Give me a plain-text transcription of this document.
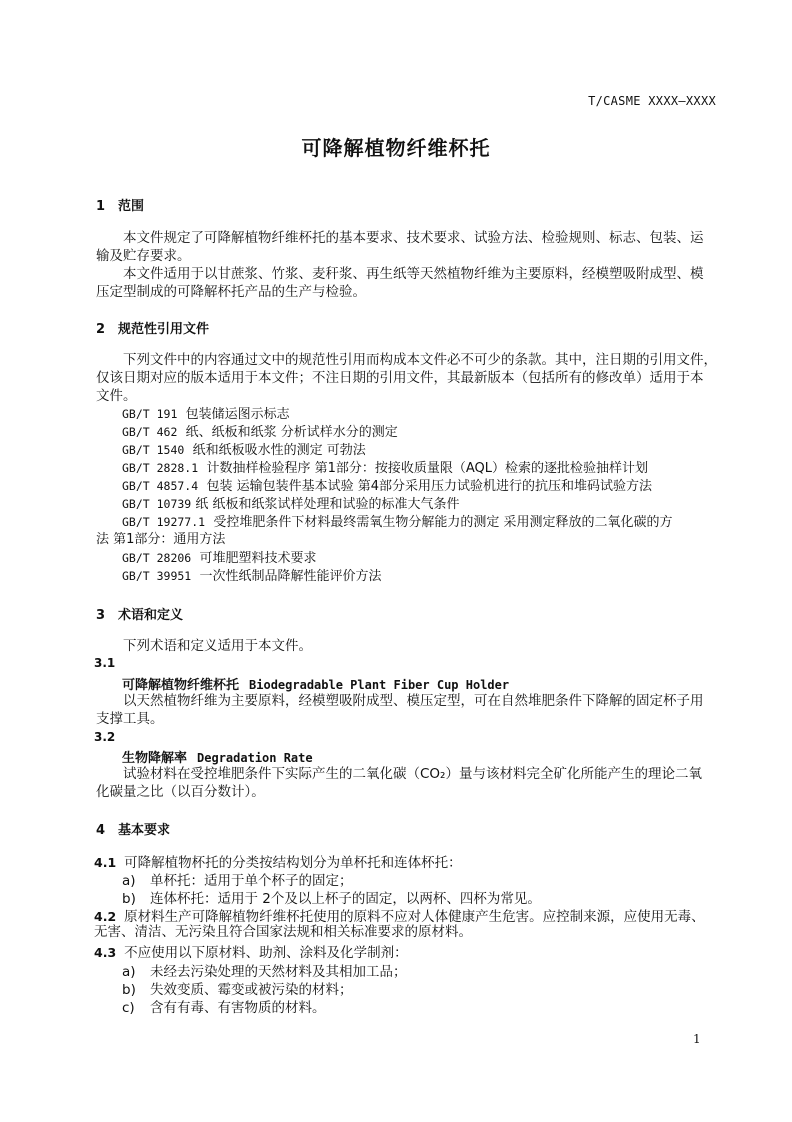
T/CASME XXXX—XXXX
可降解植物纤维杯托
1 范围
本文件规定了可降解植物纤维杯托的基本要求、技术要求、试验方法、检验规则、标志、包装、运
输及贮存要求。
本文件适用于以甘蔗浆、竹浆、麦秆浆、再生纸等天然植物纤维为主要原料，经模塑吸附成型、模
压定型制成的可降解杯托产品的生产与检验。
2 规范性引用文件
下列文件中的内容通过文中的规范性引用而构成本文件必不可少的条款。其中，注日期的引用文件，
仅该日期对应的版本适用于本文件；不注日期的引用文件，其最新版本（包括所有的修改单）适用于本
文件。
GB/T 191 包装储运图示标志
GB/T 462 纸、纸板和纸浆 分析试样水分的测定
GB/T 1540 纸和纸板吸水性的测定 可勃法
GB/T 2828.1 计数抽样检验程序 第1部分：按接收质量限（AQL）检索的逐批检验抽样计划
GB/T 4857.4 包装 运输包装件基本试验 第4部分采用压力试验机进行的抗压和堆码试验方法
GB/T 10739 纸 纸板和纸浆试样处理和试验的标准大气条件
GB/T 19277.1 受控堆肥条件下材料最终需氧生物分解能力的测定 采用测定释放的二氧化碳的方
法 第1部分：通用方法
GB/T 28206 可堆肥塑料技术要求
GB/T 39951 一次性纸制品降解性能评价方法
3 术语和定义
下列术语和定义适用于本文件。
3.1
可降解植物纤维杯托 Biodegradable Plant Fiber Cup Holder
以天然植物纤维为主要原料，经模塑吸附成型、模压定型，可在自然堆肥条件下降解的固定杯子用
支撑工具。
3.2
生物降解率 Degradation Rate
试验材料在受控堆肥条件下实际产生的二氧化碳（CO₂）量与该材料完全矿化所能产生的理论二氧
化碳量之比（以百分数计）。
4 基本要求
4.1 可降解植物杯托的分类按结构划分为单杯托和连体杯托：
a) 单杯托：适用于单个杯子的固定；
b) 连体杯托：适用于 2个及以上杯子的固定，以两杯、四杯为常见。
4.2 原材料生产可降解植物纤维杯托使用的原料不应对人体健康产生危害。应控制来源，应使用无毒、
无害、清洁、无污染且符合国家法规和相关标准要求的原材料。
4.3 不应使用以下原材料、助剂、涂料及化学制剂：
a) 未经去污染处理的天然材料及其相加工品；
b) 失效变质、霉变或被污染的材料；
c) 含有有毒、有害物质的材料。
1
